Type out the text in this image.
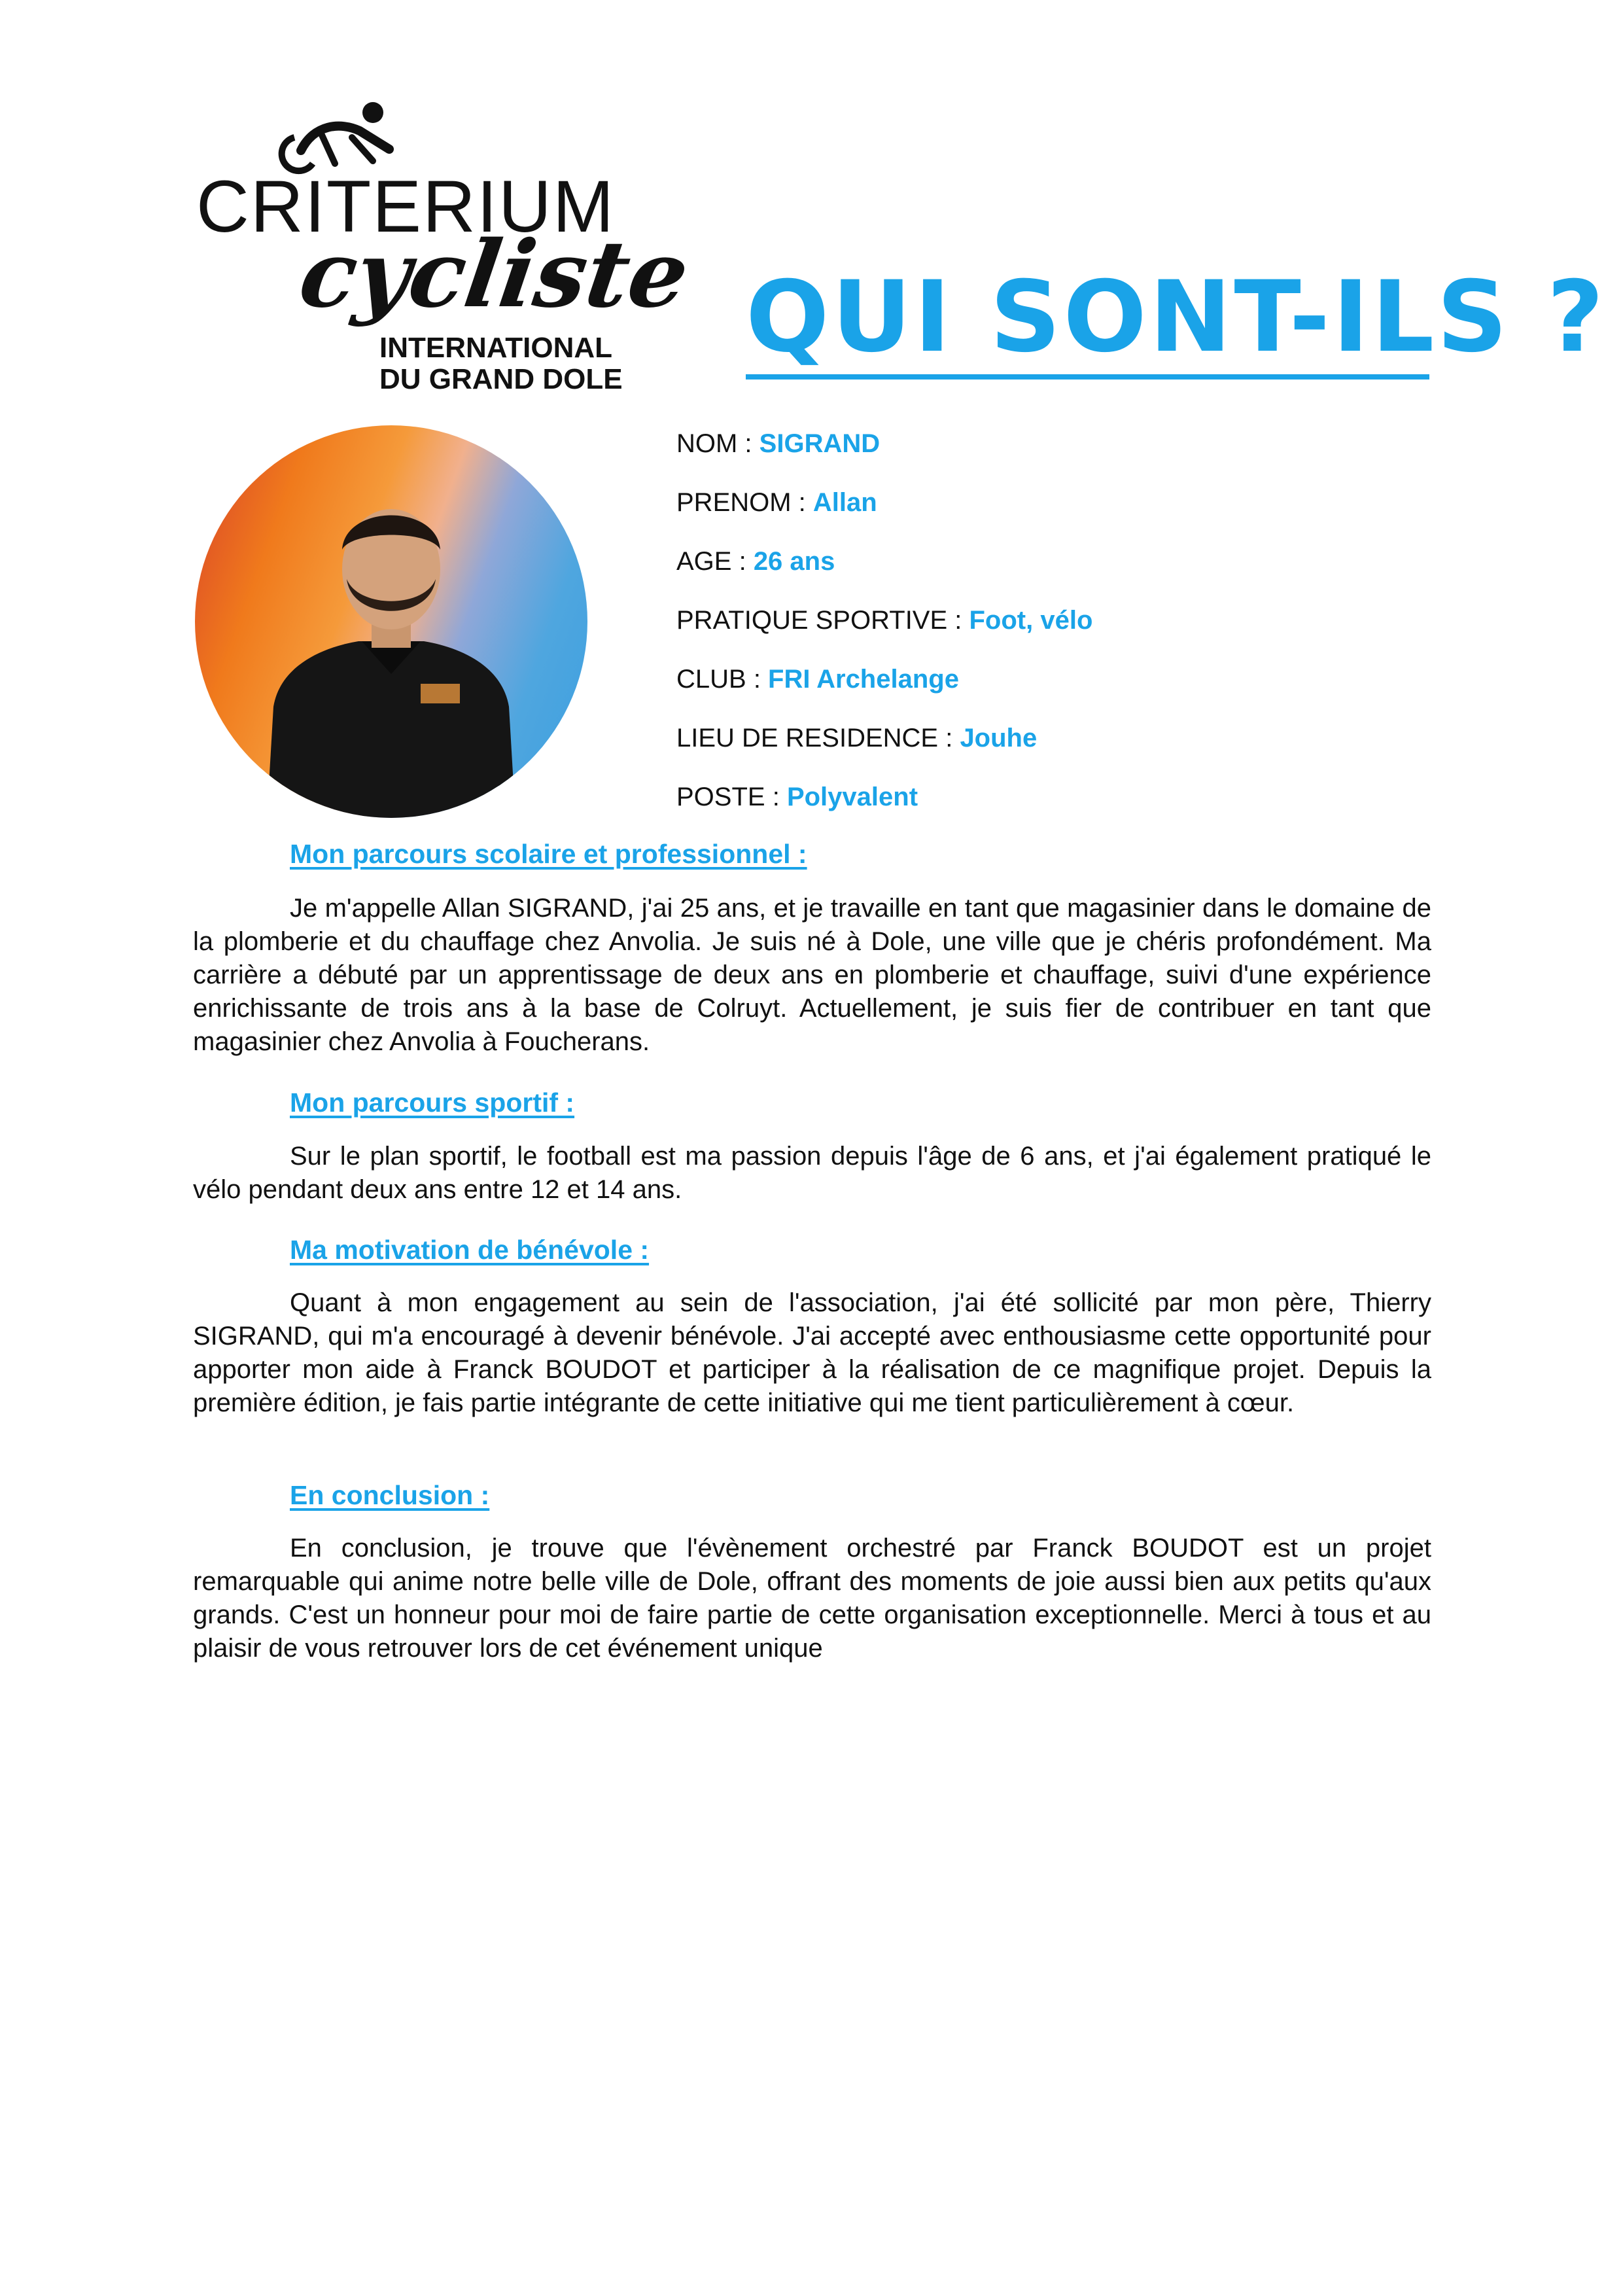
CRITERIUM
cycliste
INTERNATIONAL
DU GRAND DOLE
QUI SONT-ILS ?
NOM : SIGRAND
PRENOM : Allan
AGE : 26 ans
PRATIQUE SPORTIVE : Foot, vélo
CLUB : FRI Archelange
LIEU DE RESIDENCE : Jouhe
POSTE : Polyvalent
Mon parcours scolaire et professionnel :

Je m'appelle Allan SIGRAND, j'ai 25 ans, et je travaille en tant que magasinier dans le domaine de la plomberie et du chauffage chez Anvolia. Je suis né à Dole, une ville que je chéris profondément. Ma carrière a débuté par un apprentissage de deux ans en plomberie et chauffage, suivi d'une expérience enrichissante de trois ans à la base de Colruyt. Actuellement, je suis fier de contribuer en tant que magasinier chez Anvolia à Foucherans.

Mon parcours sportif :

Sur le plan sportif, le football est ma passion depuis l'âge de 6 ans, et j'ai également pratiqué le vélo pendant deux ans entre 12 et 14 ans.

Ma motivation de bénévole :

Quant à mon engagement au sein de l'association, j'ai été sollicité par mon père, Thierry SIGRAND, qui m'a encouragé à devenir bénévole. J'ai accepté avec enthousiasme cette opportunité pour apporter mon aide à Franck BOUDOT et participer à la réalisation de ce magnifique projet. Depuis la première édition, je fais partie intégrante de cette initiative qui me tient particulièrement à cœur.

En conclusion :

En conclusion, je trouve que l'évènement orchestré par Franck BOUDOT est un projet remarquable qui anime notre belle ville de Dole, offrant des moments de joie aussi bien aux petits qu'aux grands. C'est un honneur pour moi de faire partie de cette organisation exceptionnelle. Merci à tous et au plaisir de vous retrouver lors de cet événement unique
